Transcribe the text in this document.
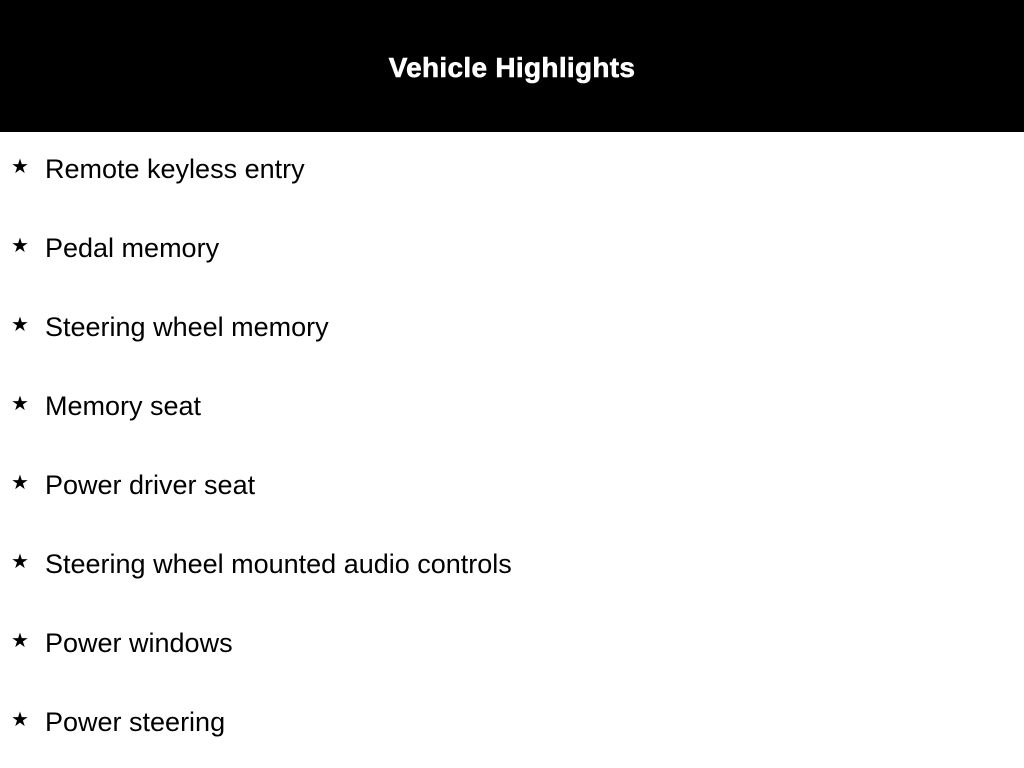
Vehicle Highlights
★ Remote keyless entry
★ Pedal memory
★ Steering wheel memory
★ Memory seat
★ Power driver seat
★ Steering wheel mounted audio controls
★ Power windows
★ Power steering
